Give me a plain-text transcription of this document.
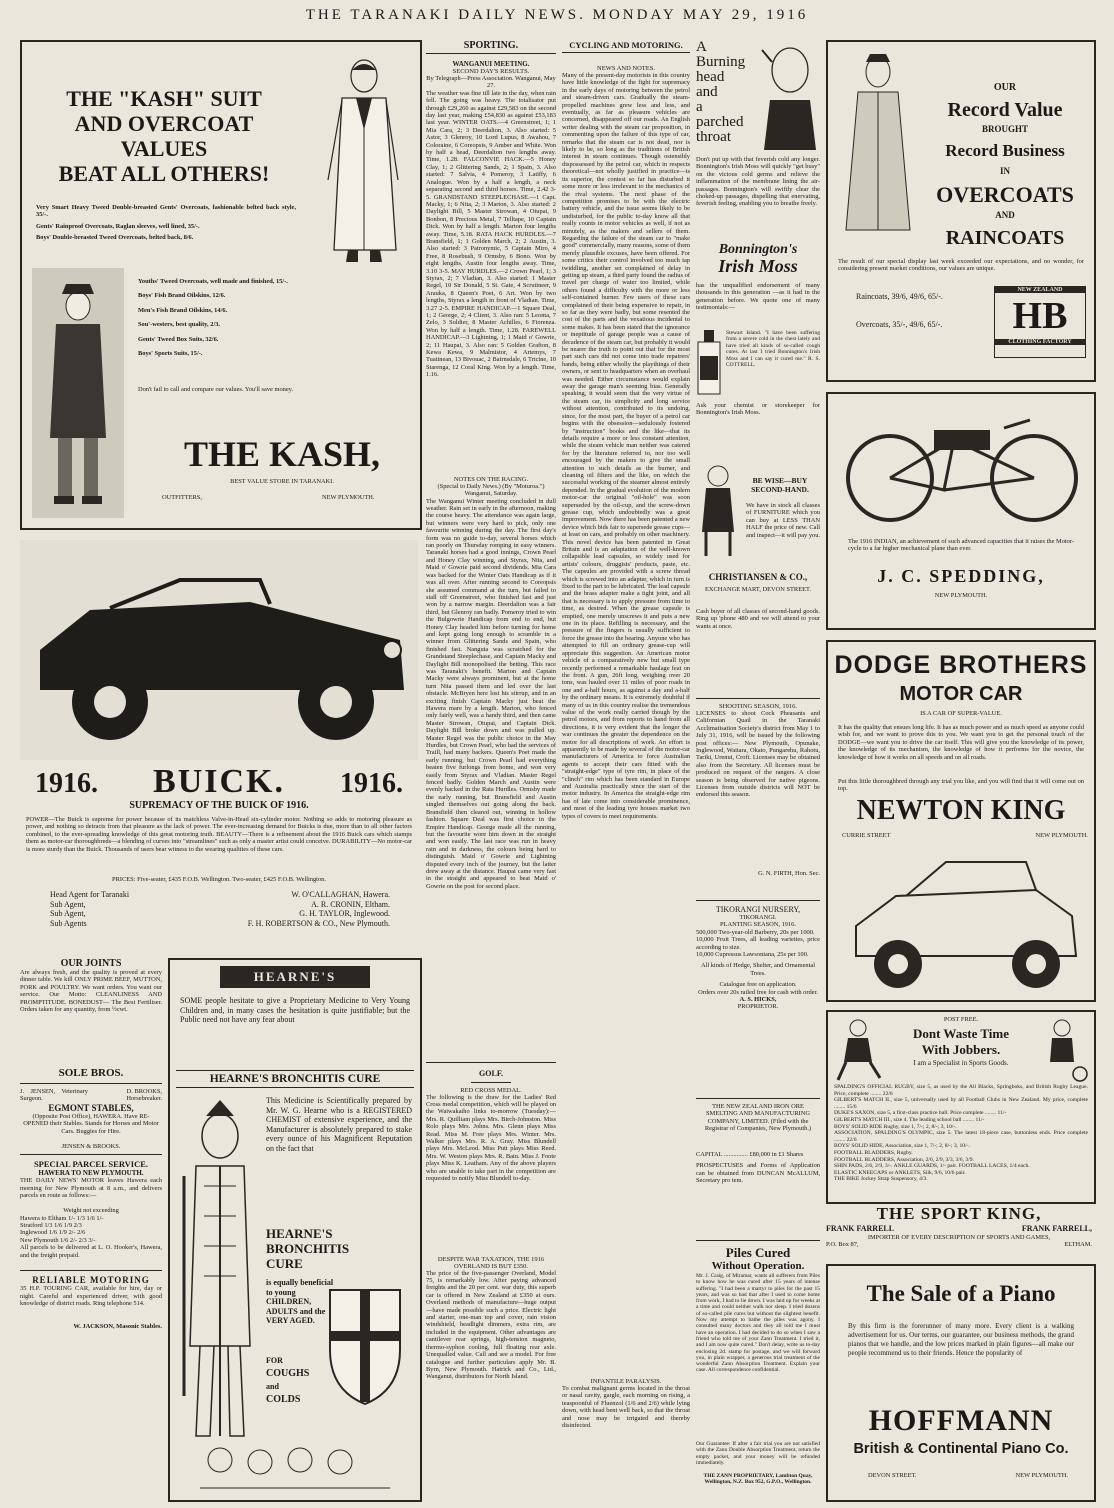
THE TARANAKI DAILY NEWS. MONDAY MAY 29, 1916
THE "KASH" SUIT
AND OVERCOAT
VALUES
BEAT ALL OTHERS!

Very Smart Heavy Tweed Double-breasted Gents' Overcoats, fashionable belted back style, 35/-.

Gents' Rainproof Overcoats, Raglan sleeves, well lined, 35/-.

Boys' Double-breasted Tweed Overcoats, belted back, 8/6.

Youths' Tweed Overcoats, well made and finished, 15/-.

Boys' Fish Brand Oilskins, 12/6.

Men's Fish Brand Oilskins, 14/6.

Sou'-westers, best quality, 2/3.

Gents' Tweed Box Suits, 32/6.

Boys' Sports Suits, 15/-.

Don't fail to call and compare our values. You'll save money.
THE KASH,
BEST VALUE STORE IN TARANAKI.
OUTFITTERS,	NEW PLYMOUTH.
1916. BUICK. 1916.
SUPREMACY OF THE BUICK OF 1916.
POWER—The Buick is supreme for power because of its matchless Valve-in-Head six-cylinder motor. Nothing so adds to motoring pleasure as power, and nothing so detracts from that pleasure as the lack of power. The ever-increasing demand for Buicks is due, more than to all other factors combined, to the ever-spreading knowledge of this great motoring truth. BEAUTY—There is a refinement about the 1916 Buick cars which stamps them as motor-car thoroughbreds—a blending of curves into "streamlines" such as only a master artist could conceive. DURABILITY—No motor-car is more sturdy than the Buick. Thousands of users bear witness to the wearing qualities of these cars.
PRICES: Five-seater, £435 F.O.B. Wellington. Two-seater, £425 F.O.B. Wellington.
Head Agent for Taranaki	W. O'CALLAGHAN, Hawera.
Sub Agent,	A. R. CRONIN, Eltham.
Sub Agent,	G. H. TAYLOR, Inglewood.
Sub Agents	F. H. ROBERTSON & CO., New Plymouth.
OUR JOINTS
Are always fresh, and the quality is proved at every dinner table. We kill ONLY PRIME BEEF, MUTTON, PORK and POULTRY. We want orders. You want our service. Our Motto: CLEANLINESS AND PROMPTITUDE. BONEDUST— The Best Fertiliser. Orders taken for any quantity, from ½cwt.
SOLE BROS.
J. JENSEN, Veterinary Surgeon.
D. BROOKS, Horsebreaker.
EGMONT STABLES,
(Opposite Post Office), HAWERA. Have RE-OPENED their Stables. Stands for Horses and Motor Cars. Buggies for Hire.
JENSEN & BROOKS.
SPECIAL PARCEL SERVICE.
HAWERA TO NEW PLYMOUTH.
THE DAILY NEWS' MOTOR leaves Hawera each morning for New Plymouth at 8 a.m., and delivers parcels en route as follows:—
Weight not exceeding
Hawera to Eltham 1/- 1/3 1/6 1/-
Stratford 1/3 1/6 1/9 2/3
Inglewood 1/6 1/9 2/- 2/6
New Plymouth 1/6 2/- 2/3 3/-
All parcels to be delivered at L. O. Hooker's, Hawera, and the freight prepaid.
RELIABLE MOTORING
35 H.P. TOURING CAR, available for hire, day or night. Careful and experienced driver, with good knowledge of district roads. Ring telephone 514.
W. JACKSON, Masonic Stables.
HEARNE'S
SOME people hesitate to give a Proprietary Medicine to Very Young Children and, in many cases the hesitation is quite justifiable; but the Public need not have any fear about
HEARNE'S BRONCHITIS CURE
This Medicine is Scientifically prepared by Mr. W. G. Hearne who is a REGISTERED CHEMIST of extensive experience, and the Manufacturer is absolutely prepared to stake every ounce of his Magnificent Reputation on the fact that
HEARNE'S
BRONCHITIS
CURE
is equally beneficial to young CHILDREN, ADULTS and the VERY AGED.
FOR
COUGHS
and
COLDS
SPORTING.
WANGANUI MEETING.
SECOND DAY'S RESULTS.
By Telegraph—Press Association. Wanganui, May 27.
The weather was fine till late in the day, when rain fell. The going was heavy. The totalisator put through £29,260 as against £29,583 on the second day last year, making £54,830 as against £53,183 last year. WINTER OATS.—4 Greenstreet, 1; 1 Mia Cara, 2; 3 Deerdalton, 3. Also started: 5 Astor, 3 Glenroy, 10 Lord Lupus, 8 Awahou, 7 Coloraine, 6 Coreopsis, 9 Amber and White. Won by half a head, Deerdalton two lengths away. Time, 1.28. FALCONVIE HACK.—5 Honey Clay, 1; 2 Glittering Sands, 2; 1 Spain, 3. Also started: 7 Salvia, 4 Pomeroy, 3 Latiffy, 6 Analogue. Won by a half a length, a neck separating second and third horses. Time, 2.42 3-5. GRANDSTAND STEEPLECHASE.—1 Capt. Macky, 1; 6 Nita, 2; 3 Marton, 3. Also started: 2 Daylight Bill, 5 Master Strowan, 4 Otupai, 9 Bonbon, 8 Precious Metal, 7 Telltape, 10 Captain Dick. Won by half a length. Marton four lengths away. Time, 5.18. RATA HACK HURDLES.—7 Bransfield, 1; 1 Golden March, 2; 2 Austin, 3. Also started: 3 Patronymic, 5 Captain Miro, 4 Free, 8 Rosebush, 9 Ormsby, 6 Bono. Won by eight lengths, Austin four lengths away. Time, 3.10 3-5. MAY HURDLES.—2 Crown Pearl, 1; 3 Styrax, 2; 7 Vladian, 3. Also started: 1 Master Regel, 10 Sir Donald, 5 St. Gate, 4 Scrutineer, 9 Arauka, 8 Queen's Poet, 6 Art. Won by two lengths, Styrax a length in front of Vladian. Time, 3.27 2-5. EMPIRE HANDICAP.—1 Square Deal, 1; 2 George, 2; 4 Client, 3. Also ran: 5 Leonta, 7 Zelo, 3 Soldier, 8 Master Achilles, 6 Fiorenza. Won by half a length. Time, 1.28. FAREWELL HANDICAP.—3 Lightning, 1; 1 Maid o' Gowrie, 2; 11 Haupai, 3. Also ran: 5 Golden Grafton, 8 Kewa Kewa, 9 Malmistor, 4 Artemys, 7 Tuatinean, 13 Bivouac, 2 Bairnsdale, 6 Tricine, 10 Starenga, 12 Coral King. Won by a length. Time, 1.16.
NOTES ON THE RACING.
(Special to Daily News.) (By "Moturoa.") Wanganui, Saturday.
The Wanganui Winter meeting concluded in dull weather. Rain set in early in the afternoon, making the course heavy. The attendance was again large, but winners were very hard to pick, only one favourite winning during the day. The first day's form was no guide to-day, several horses which ran poorly on Thursday romping in easy winners. Taranaki horses had a good innings, Crown Pearl and Honey Clay winning, and Styrax, Nita, and Maid o' Gowrie paid second dividends. Mia Cara was backed for the Winter Oats Handicap as if it was all over. After running second to Coreopsis she assumed command at the turn, but failed to stall off Greenstreet, who finished fast and just won by a narrow margin. Deerdalton was a fair third, but Glenroy ran badly. Pomeroy tried to win the Bulgowrie Handicap from end to end, but Honey Clay headed him before turning for home and kept going long enough to scramble in a winner from Glittering Sands and Spain, who finished fast. Nanguta was scratched for the Grandstand Steeplechase, and Captain Macky and Daylight Bill monopolised the betting. This race was Taranaki's benefit. Marton and Captain Macky were always prominent, but at the home turn Nita passed them and led over the last obstacle. McBryen here lost his stirrup, and in an exciting finish Captain Macky just beat the Hawera mare by a length. Marton, who fenced only fairly well, was a handy third, and then came Master Strowan, Otupai, and Captain Dick. Daylight Bill broke down and was pulled up. Master Regel was the public choice in the May Hurdles, but Crown Pearl, who had the services of Traill, had many backers. Queen's Poet made the early running, but Crown Pearl had everything beaten five furlongs from home, and won very easily from Styrax and Vladian. Master Regel fenced badly. Golden March and Austin were evenly backed in the Rata Hurdles. Ormsby made the early running, but Bransfield and Austin singled themselves out going along the back. Bransfield then cleared out, winning in hollow fashion. Square Deal was first choice in the Empire Handicap. George made all the running, but the favourite wore him down in the straight and won easily. The last race was run in heavy rain and in darkness, the colours being hard to distinguish. Maid o' Gowrie and Lightning disputed every inch of the journey, but the latter drew away at the distance. Haupai came very fast in the straight and appeared to beat Maid o' Gowrie on the post for second place.
GOLF.
RED CROSS MEDAL.
The following is the draw for the Ladies' Red Cross medal competition, which will be played on the Waiwakaiho links to-morrow (Tuesday):— Mrs. R. Quilliam plays Mrs. Birch-Johnston. Miss Rolo plays Mrs. Johns. Mrs. Glenn plays Miss Read. Miss M. Free plays Mrs. Winter. Mrs. Walker plays Mrs. R. A. Gray. Miss Blundell plays Mrs. McLeod. Miss Putt plays Miss Reed. Mrs. W. Weston plays Mrs. R. Bain. Miss J. Foote plays Miss K. Leatham. Any of the above players who are unable to take part in the competition are requested to notify Miss Blundell to-day.
DESPITE WAR TAXATION, THE 1916 OVERLAND IS BUT £350.
The price of the five-passenger Overland, Model 75, is remarkably low. After paying advanced freights and the 20 per cent. war duty, this superb car is offered in New Zealand at £350 at ours. Overland methods of manufacture—huge output—have made possible such a price. Electric light and starter, one-man top and cover, rain vision windshield, headlight dimmers, extra rim, are included in the equipment. Other advantages are cantilever rear springs, high-tension magneto, thermo-syphon cooling, full floating rear axle. Unequalled value. Call and see a model. For free catalogue and further particulars apply Mr. B. Byrn, New Plymouth. Hatrick and Co., Ltd., Wanganui, distributors for North Island.
CYCLING AND MOTORING.
NEWS AND NOTES.
Many of the present-day motorists in this country have little knowledge of the fight for supremacy in the early days of motoring between the petrol and steam-driven cars. Gradually the steam-propelled machines grew less and less, and eventually, as far as pleasure vehicles are concerned, disappeared off our roads. An English writer dealing with the steam car proposition, in commenting upon the failure of this type of car, remarks that the steam car is not dead, nor is likely to be, so long as the traditions of British interest in steam continues. Though ostensibly dispossessed by the petrol car, which in respects theoretical—not wholly justified in practice—is its superior, the contest so far has disturbed it some more or less irrelevant to the mechanics of the rival systems. The next phase of the competition promises to be with the electric battery vehicle, and the issue seems likely to be undisturbed, for the public to-day know all that really counts in motor vehicles as well, if not as minutely, as the makers and sellers of them. Regarding the failure of the steam car to "make good" commercially, many reasons, some of them merely plausible excuses, have been offered. For some critics their control involved too much tap twiddling, another set complained of delay in getting up steam, a third party found the radius of travel per charge of water too limited, while others found a difficulty with the more or less self-contained burner. Few users of these cars complained of their being expensive to repair, in so far as they were badly, but some resented the cost of the parts and the vexatious incidental to some makes. It has been stated that the ignorance or ineptitude of garage people was a cause of decadence of the steam car, but probably it would be nearer the truth to point out that for the most part such cars did not come into trade repairers' hands, being either wholly the playthings of their owners, or sent to headquarters when an overhaul was needed. Either circumstance would explain away the garage man's seeming bias. Generally speaking, it would seem that the very virtue of the steam car, its simplicity and long service without attention, contributed to its undoing, since, for the most part, the buyer of a petrol car begins with the obsession—sedulously fostered by "instruction" books and the like—that its details require a more or less constant attention, while the steam vehicle man neither was catered for by the literature referred to, nor too well encouraged by the makers to give the small attention to such details as the burner, and cleaning oil filters and the like, on which the successful working of the steamer almost entirely depended. In the gradual evolution of the modern motor-car the original "oil-hole" was soon superseded by the oil-cup, and the screw-down grease cup, which undoubtedly was a great improvement. Now there has been patented a new device which bids fair to supersede grease cups—at least on cars, and probably on other machinery. This novel device has been patented in Great Britain and is an adaptation of the well-known collapsible lead capsules, so widely used for artists' colours, druggists' products, paste, etc. The capsules are provided with a screw thread which is screwed into an adapter, which in turn is fixed to the part to be lubricated. The lead capsule and the brass adapter make a tight joint, and all that is necessary is to apply pressure from time to time, as desired. When the grease capsule is emptied, one merely unscrews it and puts a new one in its place. Refilling is necessary, and the pressure of the fingers is usually sufficient to force the grease into the bearing. Anyone who has attempted to fill an ordinary grease-cup will appreciate this suggestion. An American motor vehicle of a comparatively new but small type recently performed a remarkable haulage feat on the front. A gun, 26ft long, weighing over 20 tons, was hauled over 11 miles of poor roads in one and a-half hours, as against a day and a-half by the ordinary means. It is extremely doubtful if many of us in this country realise the tremendous value of the work really carried though by the petrol motors, and from reports to hand from all directions, it is very evident that the longer the war continues the greater the dependence on the motor for all descriptions of work. An effort is apparently to be made by several of the motor-car manufacturers of America to force Australian agents to accept their cars fitted with the "straight-edge" type of tyre rim, in place of the "clinch" rim which has been standard in Europe and Australia practically since the start of the motor industry. In America the straight-edge rim has of late come into considerable prominence, and most of the leading tyre houses market two types of covers to meet requirements.
INFANTILE PARALYSIS.
To combat malignant germs located in the throat or nasal cavity, gargle, each morning on rising, a teaspoonful of Fluenzol (1/6 and 2/6) while lying down, with head bent well back, so that the throat and nose may be irrigated and thereby disinfected.
A
Burning
head
and
a
parched
throat
Don't put up with that feverish cold any longer. Bonnington's Irish Moss will quickly "get busy" on the vicious cold germs and relieve the inflammation of the membrane lining the air-passages. Bonnington's will swiftly clear the choked-up passages, dispelling that enervating, feverish feeling, enabling you to breathe freely.
Bonnington's
Irish Moss
has the unqualified endorsement of many thousands in this generation —as it had in the generation before. We quote one of many testimonials:—
Stewart Island. "I have been suffering from a severe cold in the chest lately and have tried all kinds of so-called cough cures. At last I tried Bonnington's Irish Moss and I can say it cured me." R. S. COTTRELL.
Ask your chemist or storekeeper for Bonnington's Irish Moss.
BE WISE—BUY SECOND-HAND.
We have in stock all classes of FURNITURE which you can buy at LESS THAN HALF the price of new. Call and inspect—it will pay you.
CHRISTIANSEN & CO.,
EXCHANGE MART, DEVON STREET.
Cash buyer of all classes of second-hand goods. Ring up 'phone 480 and we will attend to your wants at once.
SHOOTING SEASON, 1916.
LICENSES to shoot Cock Pheasants and Californian Quail in the Taranaki Acclimatisation Society's district from May 1 to July 31, 1916, will be issued by the following post offices:— New Plymouth, Opunake, Inglewood, Waitara, Okato, Pungarehu, Rahotu, Tariki, Urenui, Croft. Licenses may be obtained also from the Secretary. All licenses must be produced on request of the rangers. A close season is being observed for native pigeons. Licenses from outside districts will NOT be endorsed this season.
G. N. FIRTH, Hon. Sec.
TIKORANGI NURSERY,
TIKORANGI.
PLANTING SEASON, 1916.
500,000 Two-year-old Barberry, 20s per 1000.
10,000 Fruit Trees, all leading varieties, price according to size.
10,000 Cupressus Lawsoniana, 25s per 100.
All kinds of Hedge, Shelter, and Ornamental Trees.
Catalogue free on application.
Orders over 20s railed free for cash with order.
A. S. HICKS,
PROPRIETOR.
THE NEW ZEALAND IRON ORE SMELTING AND MANUFACTURING COMPANY, LIMITED. (Filed with the Registrar of Companies, New Plymouth.)
CAPITAL ............... £80,000 in £1 Shares
PROSPECTUSES and Forms of Application can be obtained from DUNCAN McALLUM, Secretary pro tem.
Piles Cured
Without Operation.
Mr. J. Craig, of Miramar, wants all sufferers from Piles to know how he was cured after 15 years of intense suffering. "I had been a martyr to piles for the past 15 years, and was so bad that after I used to come home from work, I had to lie down. I was laid up for weeks at a time and could neither walk nor sleep. I tried dozens of so-called pile cures but without the slightest benefit. Now my attempt to bathe the piles was agony. I consulted many doctors and they all told me I must have an operation. I had decided to do so when I saw a friend who told me of your Zann Treatment. I tried it, and I am now quite cured." Don't delay, write us to-day enclosing 2d. stamp for postage, and we will forward you, in plain wrapper, a generous trial treatment of the wonderful Zann Absorption Treatment. Explain your case. All correspondence confidential.
Our Guarantee: If after a fair trial you are not satisfied with the Zann Double Absorption Treatment, return the empty packet, and your money will be refunded immediately.
THE ZANN PROPRIETARY, Lambton Quay, Wellington, N.Z. Box 952, G.P.O., Wellington.
OUR
Record Value
BROUGHT
Record Business
IN
OVERCOATS
AND
RAINCOATS
The result of our special display last week exceeded our expectations, and no wonder, for considering present market conditions, our values are unique.
Raincoats, 39/6, 49/6, 65/-.
Overcoats, 35/-, 49/6, 65/-.
NEW ZEALAND
HB
CLOTHING FACTORY
The 1916 INDIAN, an achievement of such advanced capacities that it raises the Motor-cycle to a far higher mechanical plane than ever.
J. C. SPEDDING,
NEW PLYMOUTH.
DODGE BROTHERS
MOTOR CAR
IS A CAR OF SUPER-VALUE.
It has the quality that ensues long life. It has as much power and as much speed as anyone could wish for, and we want to prove this to you. We want you to get the personal touch of the DODGE—we want you to drive the car itself. This will give you the knowledge of its power, the knowledge of its mechanism, the knowledge of how it performs for the novice, the knowledge of how it works on all speeds and on all roads.
Put this little thoroughbred through any trial you like, and you will find that it will come out on top.
NEWTON KING
CURRIE STREET	NEW PLYMOUTH.
POST FREE.
Dont Waste Time
With Jobbers.
I am a Specialist in Sports Goods.
SPALDING'S OFFICIAL RUGBY, size 5, as used by the All Blacks, Springboks, and British Rugby League. Price, complete ........ 22/6
GILBERT'S MATCH II., size 5, universally used by all Football Clubs in New Zealand. My price, complete ........ 15/6
DUKE'S SAXON, size 5, a first-class practice ball. Price complete ........ 11/-
GILBERT'S MATCH III., size 4. The leading school ball ........ 11/-
BOYS' SOLID RIDE Rugby, size 1, 7/-; 2, 8/-; 3, 10/-.
ASSOCIATION, SPALDING'S OLYMPIC, size 5. The latest 18-piece case, buttonless ends. Price complete ........ 22/6
BOYS' SOLID HIDE, Association, size 1, 7/-; 2, 8/-; 3, 10/-.
FOOTBALL BLADDERS, Rugby.
FOOTBALL BLADDERS, Association, 2/6, 2/9, 3/3, 3/6, 3/9.
SHIN PADS, 2/6, 2/9, 3/-. ANKLE GUARDS, 1/- pair. FOOTBALL LACES, 1/4 each.
ELASTIC KNEECAPS or ANKLETS, Silk, 9/6, 10/6 pair.
THE BIKE Jockey Strap Suspensory, 4/3.
THE SPORT KING,
FRANK FARRELL	FRANK FARRELL,
IMPORTER OF EVERY DESCRIPTION OF SPORTS AND GAMES,
P.O. Box 87,	ELTHAM.
The Sale of a Piano
By this firm is the forerunner of many more. Every client is a walking advertisement for us. Our terms, our guarantee, our business methods, the grand pianos that we handle, and the low prices marked in plain figures—all make our people recommend us to their friends. Hence the popularity of
HOFFMANN
British & Continental Piano Co.
DEVON STREET.	NEW PLYMOUTH.
